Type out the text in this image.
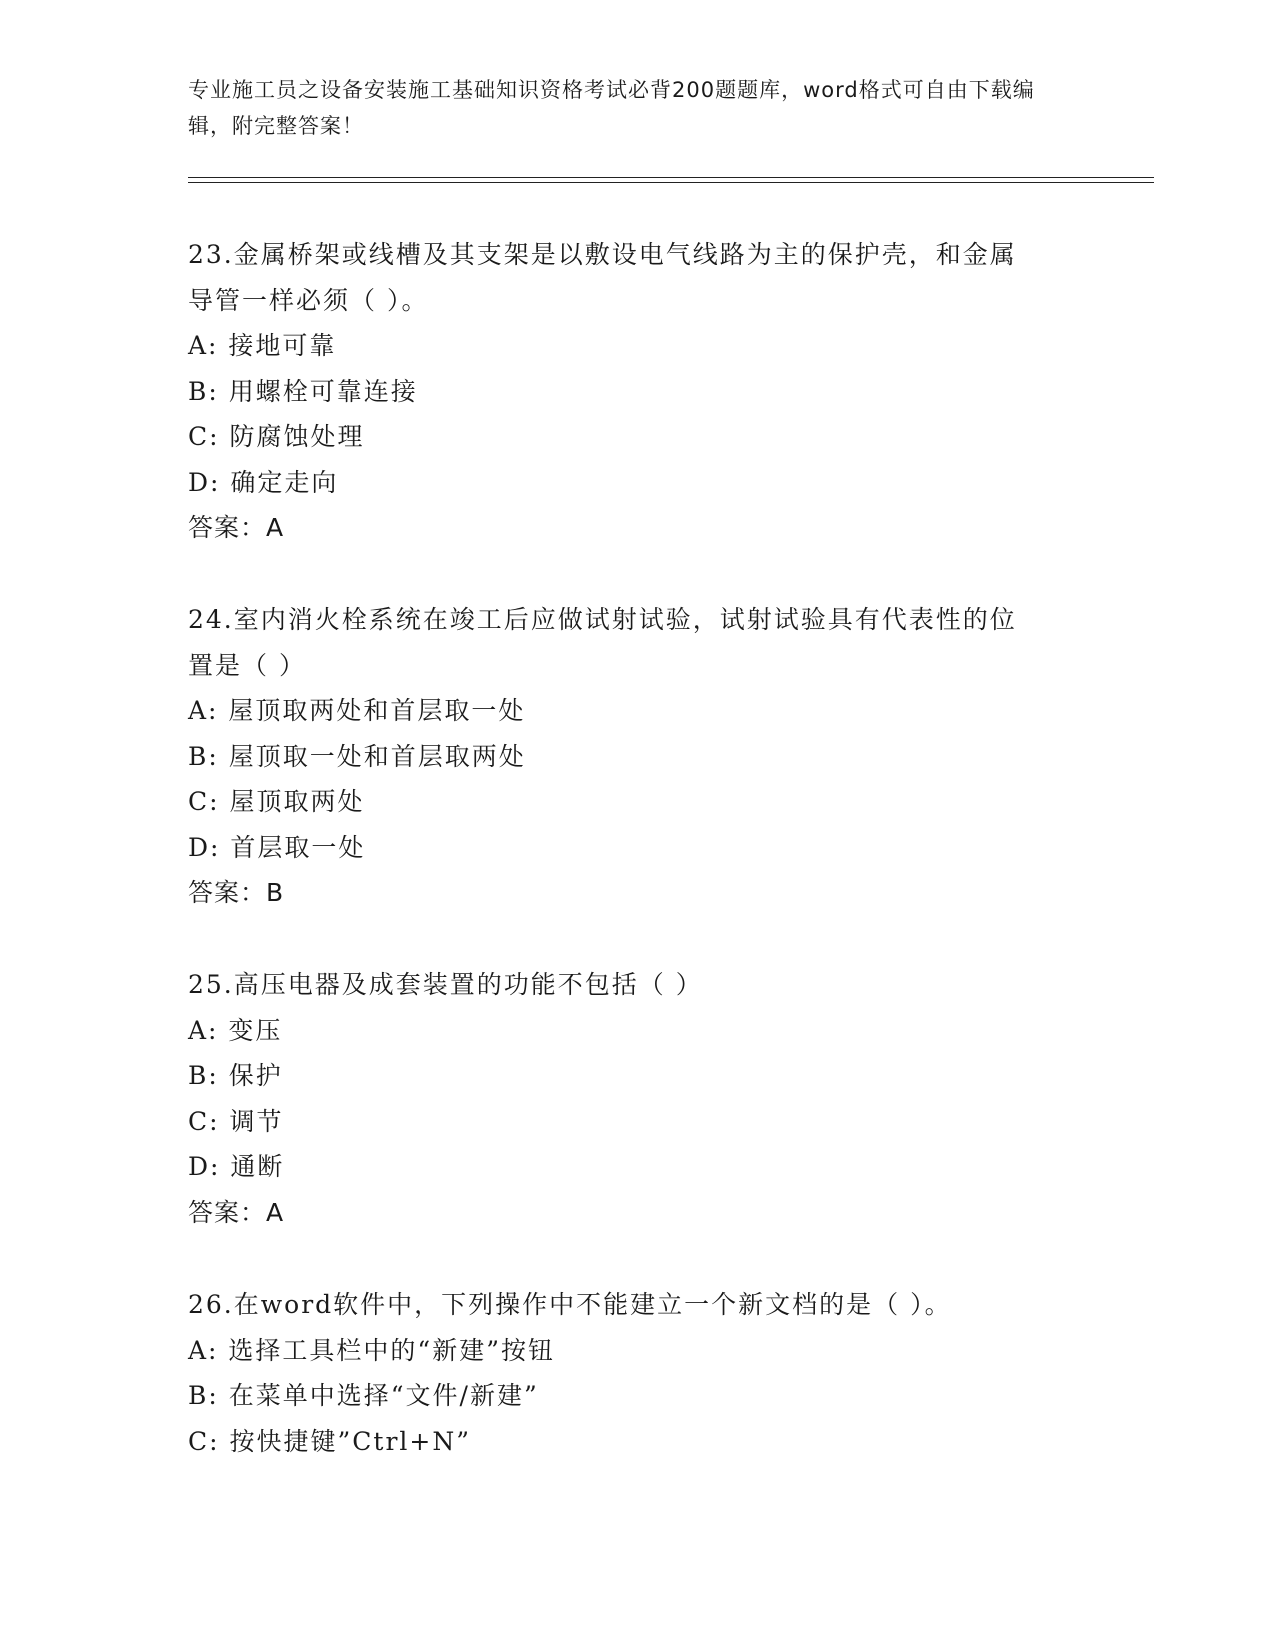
专业施工员之设备安装施工基础知识资格考试必背200题题库，word格式可自由下载编辑，附完整答案！
23.金属桥架或线槽及其支架是以敷设电气线路为主的保护壳，和金属
导管一样必须（ ）。
A: 接地可靠
B: 用螺栓可靠连接
C: 防腐蚀处理
D: 确定走向
答案：A
24.室内消火栓系统在竣工后应做试射试验，试射试验具有代表性的位
置是（ ）
A: 屋顶取两处和首层取一处
B: 屋顶取一处和首层取两处
C: 屋顶取两处
D: 首层取一处
答案：B
25.高压电器及成套装置的功能不包括（ ）
A: 变压
B: 保护
C: 调节
D: 通断
答案：A
26.在word软件中，下列操作中不能建立一个新文档的是（ ）。
A: 选择工具栏中的“新建”按钮
B: 在菜单中选择“文件/新建”
C: 按快捷键”Ctrl+N”
